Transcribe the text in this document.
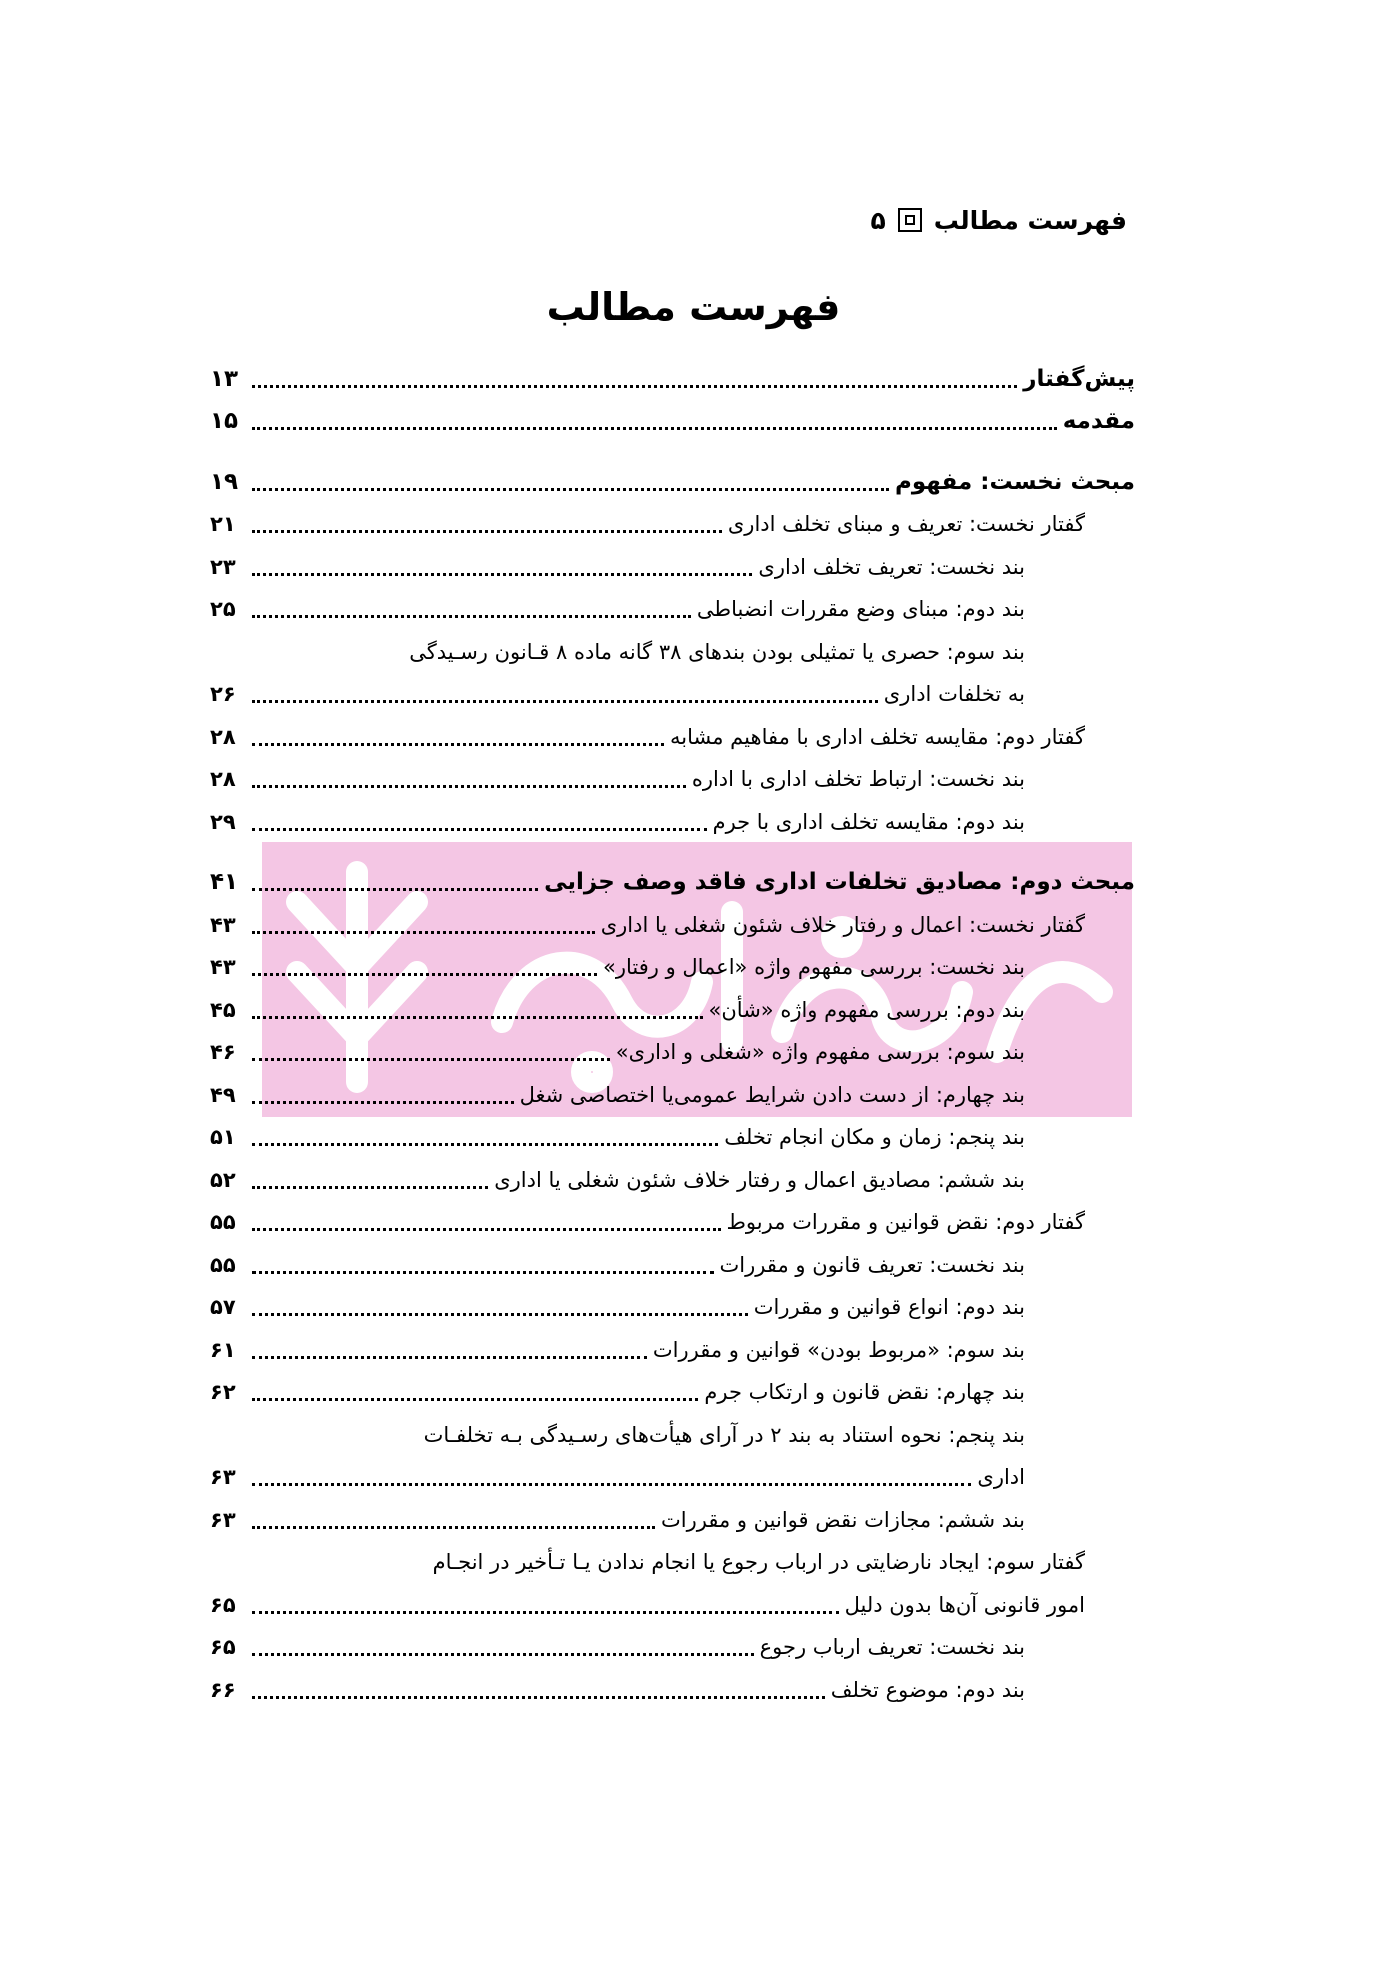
فهرست مطالب
۵
فهرست مطالب
پیش‌گفتار
۱۳
مقدمه
۱۵
مبحث نخست: مفهوم
۱۹
گفتار نخست: تعریف و مبنای تخلف اداری
۲۱
بند نخست: تعریف تخلف اداری
۲۳
بند دوم: مبنای وضع مقررات انضباطی
۲۵
بند سوم: حصری یا تمثیلی بودن بندهای ۳۸ گانه ماده ۸ قـانون رسـیدگی
به تخلفات اداری
۲۶
گفتار دوم: مقایسه تخلف اداری با مفاهیم مشابه
۲۸
بند نخست: ارتباط تخلف اداری با اداره
۲۸
بند دوم: مقایسه تخلف اداری با جرم
۲۹
مبحث دوم: مصادیق تخلفات اداری فاقد وصف جزایی
۴۱
گفتار نخست: اعمال و رفتار خلاف شئون شغلی یا اداری
۴۳
بند نخست: بررسی مفهوم واژه «اعمال و رفتار»
۴۳
بند دوم: بررسی مفهوم واژه «شأن»
۴۵
بند سوم: بررسی مفهوم واژه «شغلی و اداری»
۴۶
بند چهارم: از دست دادن شرایط عمومی‌یا اختصاصی شغل
۴۹
بند پنجم: زمان و مکان انجام تخلف
۵۱
بند ششم: مصادیق اعمال و رفتار خلاف شئون شغلی یا اداری
۵۲
گفتار دوم: نقض قوانین و مقررات مربوط
۵۵
بند نخست: تعریف قانون و مقررات
۵۵
بند دوم: انواع قوانین و مقررات
۵۷
بند سوم: «مربوط بودن» قوانین و مقررات
۶۱
بند چهارم: نقض قانون و ارتکاب جرم
۶۲
بند پنجم: نحوه استناد به بند ۲ در آرای هیأت‌های رسـیدگی بـه تخلفـات
اداری
۶۳
بند ششم: مجازات نقض قوانین و مقررات
۶۳
گفتار سوم: ایجاد نارضایتی در ارباب رجوع یا انجام ندادن یـا تـأخیر در انجـام
امور قانونی آن‌ها بدون دلیل
۶۵
بند نخست: تعریف ارباب رجوع
۶۵
بند دوم: موضوع تخلف
۶۶
